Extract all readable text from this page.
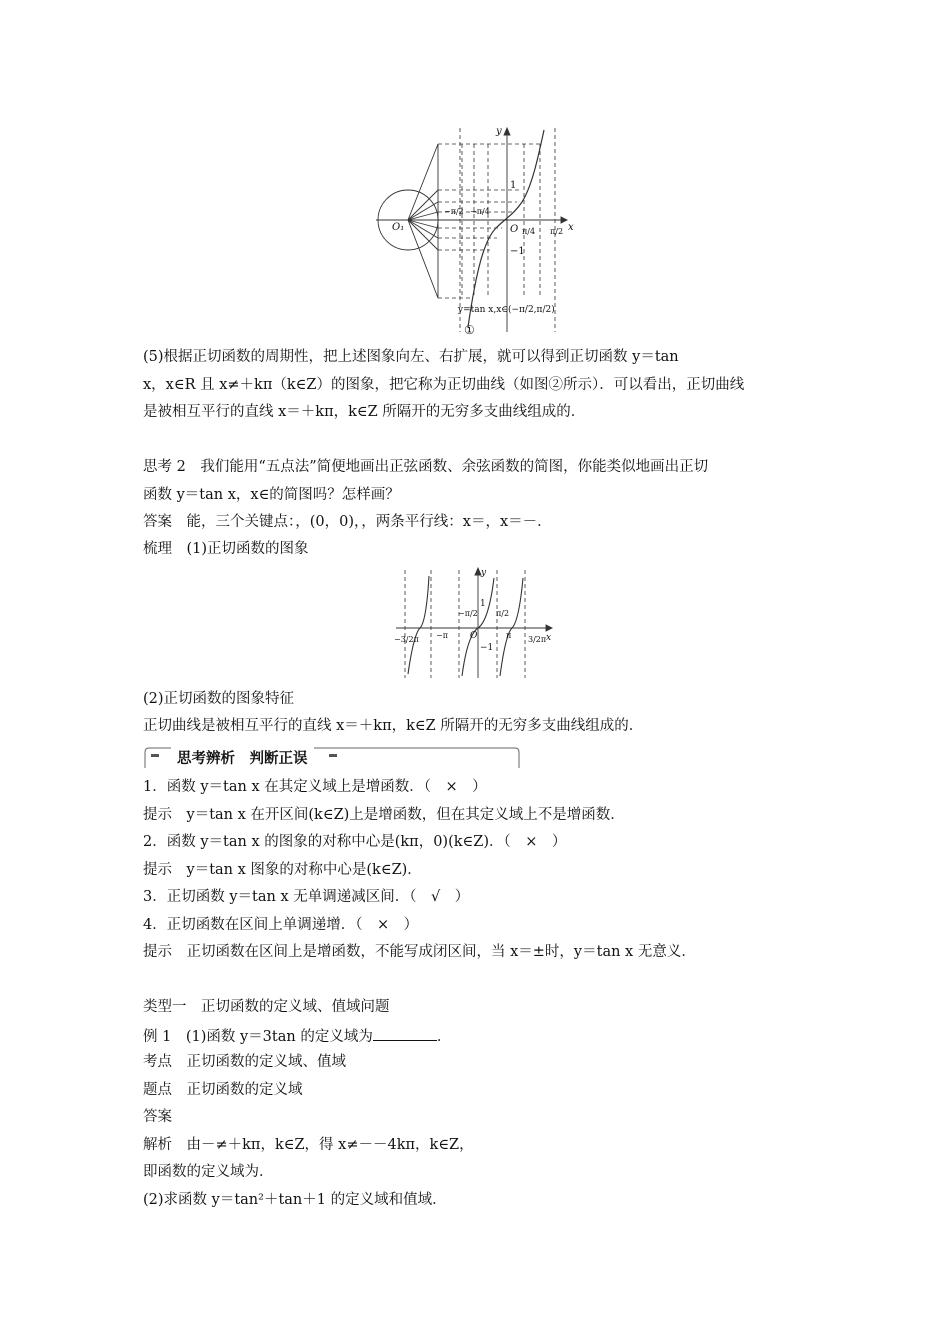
y
x
O
O₁
1
−1
−π/2 −π/4
π/4 π/2
y=tan x,x∈(−π/2,π/2)
①
(5)根据正切函数的周期性，把上述图象向左、右扩展，就可以得到正切函数 y＝tan
x，x∈R 且 x≠＋kπ（k∈Z）的图象，把它称为正切曲线（如图②所示）．可以看出，正切曲线
是被相互平行的直线 x＝＋kπ，k∈Z 所隔开的无穷多支曲线组成的．
思考 2　我们能用“五点法”简便地画出正弦函数、余弦函数的简图，你能类似地画出正切
函数 y＝tan x，x∈的简图吗？怎样画？
答案　能，三个关键点：，(0，0)，，两条平行线：x＝，x＝－．
梳理　(1)正切函数的图象
y
x
O
1
−1
−3/2π −π
−π/2 π/2
π 3/2π
(2)正切函数的图象特征
正切曲线是被相互平行的直线 x＝＋kπ，k∈Z 所隔开的无穷多支曲线组成的．
思考辨析　判断正误
1．函数 y＝tan x 在其定义域上是增函数．（　×　）
提示　y＝tan x 在开区间(k∈Z)上是增函数，但在其定义域上不是增函数．
2．函数 y＝tan x 的图象的对称中心是(kπ，0)(k∈Z)．（　×　）
提示　y＝tan x 图象的对称中心是(k∈Z)．
3．正切函数 y＝tan x 无单调递减区间．（　√　）
4．正切函数在区间上单调递增．（　×　）
提示　正切函数在区间上是增函数，不能写成闭区间，当 x＝±时，y＝tan x 无意义．
类型一　正切函数的定义域、值域问题
例 1　(1)函数 y＝3tan 的定义域为	．
考点　正切函数的定义域、值域
题点　正切函数的定义域
答案
解析　由－≠＋kπ，k∈Z，得 x≠－－4kπ，k∈Z，
即函数的定义域为．
(2)求函数 y＝tan²＋tan＋1 的定义域和值域．
